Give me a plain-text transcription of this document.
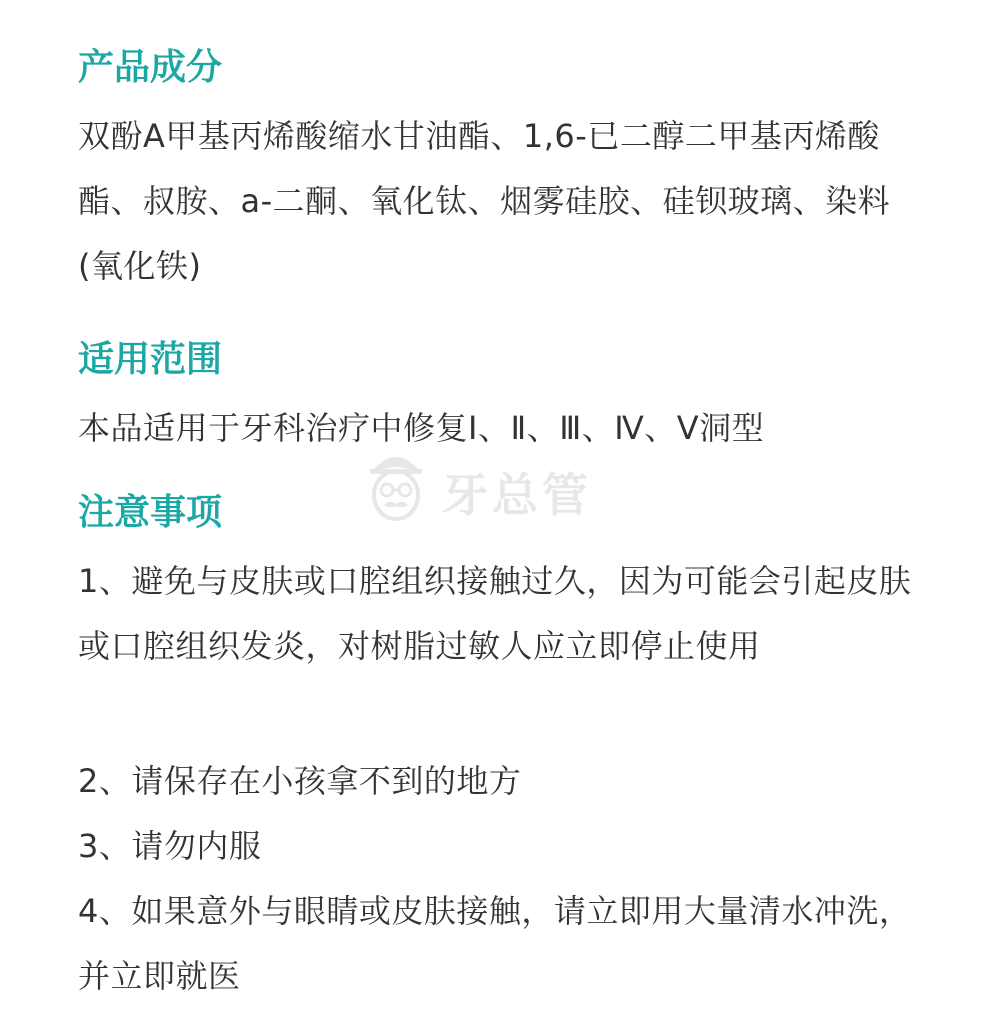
产品成分

双酚A甲基丙烯酸缩水甘油酯、1,6-已二醇二甲基丙烯酸酯、叔胺、a-二酮、氧化钛、烟雾硅胶、硅钡玻璃、染料(氧化铁)

适用范围

本品适用于牙科治疗中修复Ⅰ、Ⅱ、Ⅲ、Ⅳ、Ⅴ洞型

注意事项

1、避免与皮肤或口腔组织接触过久，因为可能会引起皮肤或口腔组织发炎，对树脂过敏人应立即停止使用

2、请保存在小孩拿不到的地方

3、请勿内服

4、如果意外与眼睛或皮肤接触，请立即用大量清水冲洗，并立即就医

牙总管
